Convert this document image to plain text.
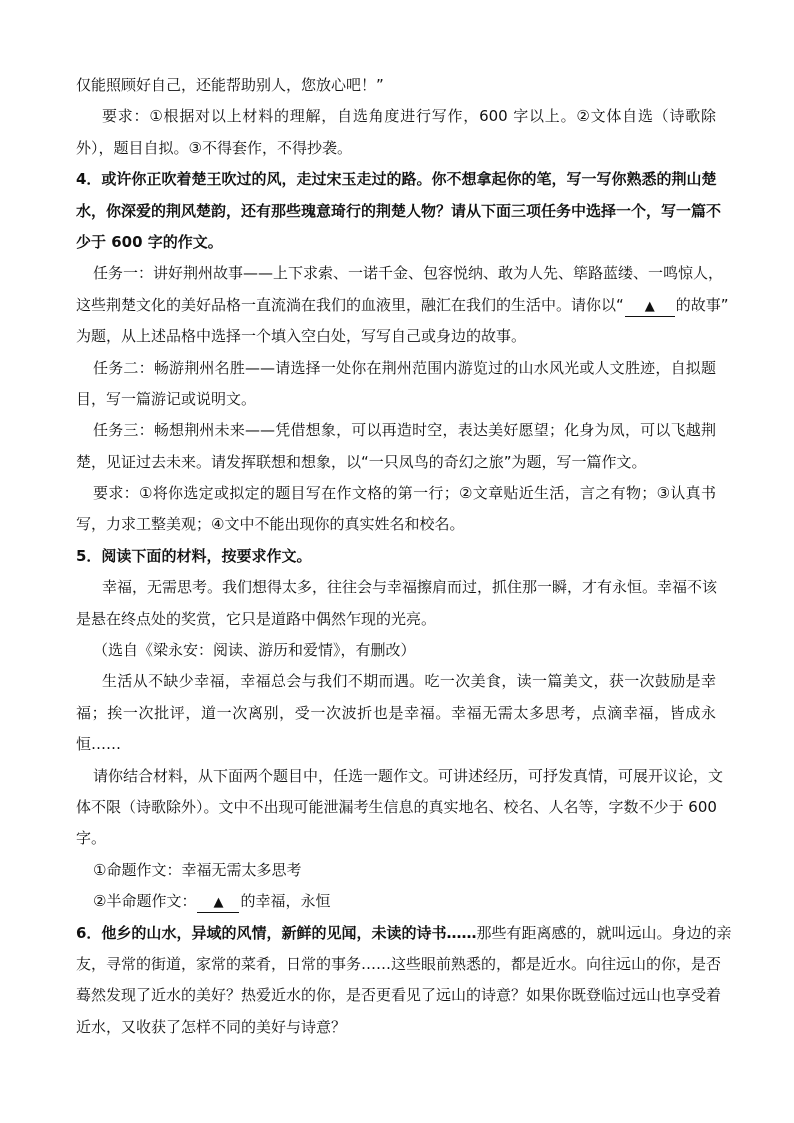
仅能照顾好自己，还能帮助别人，您放心吧！”
要求：①根据对以上材料的理解，自选角度进行写作，600 字以上。②文体自选（诗歌除
外），题目自拟。③不得套作，不得抄袭。
4．或许你正吹着楚王吹过的风，走过宋玉走过的路。你不想拿起你的笔，写一写你熟悉的荆山楚
水，你深爱的荆风楚韵，还有那些瑰意琦行的荆楚人物？请从下面三项任务中选择一个，写一篇不
少于 600 字的作文。
任务一：讲好荆州故事——上下求索、一诺千金、包容悦纳、敢为人先、筚路蓝缕、一鸣惊人，
这些荆楚文化的美好品格一直流淌在我们的血液里，融汇在我们的生活中。请你以“ ▲ 的故事”
为题，从上述品格中选择一个填入空白处，写写自己或身边的故事。
任务二：畅游荆州名胜——请选择一处你在荆州范围内游览过的山水风光或人文胜迹，自拟题
目，写一篇游记或说明文。
任务三：畅想荆州未来——凭借想象，可以再造时空，表达美好愿望；化身为凤，可以飞越荆
楚，见证过去未来。请发挥联想和想象，以“一只凤鸟的奇幻之旅”为题，写一篇作文。
要求：①将你选定或拟定的题目写在作文格的第一行；②文章贴近生活，言之有物；③认真书
写，力求工整美观；④文中不能出现你的真实姓名和校名。
5．阅读下面的材料，按要求作文。
幸福，无需思考。我们想得太多，往往会与幸福擦肩而过，抓住那一瞬，才有永恒。幸福不该
是悬在终点处的奖赏，它只是道路中偶然乍现的光亮。
（选自《梁永安：阅读、游历和爱情》，有删改）
生活从不缺少幸福，幸福总会与我们不期而遇。吃一次美食，读一篇美文，获一次鼓励是幸
福；挨一次批评，道一次离别，受一次波折也是幸福。幸福无需太多思考，点滴幸福，皆成永
恒……
请你结合材料，从下面两个题目中，任选一题作文。可讲述经历，可抒发真情，可展开议论，文
体不限（诗歌除外）。文中不出现可能泄漏考生信息的真实地名、校名、人名等，字数不少于 600
字。
①命题作文：幸福无需太多思考
②半命题作文： ▲ 的幸福，永恒
6．他乡的山水，异域的风情，新鲜的见闻，未读的诗书……那些有距离感的，就叫远山。身边的亲
友，寻常的街道，家常的菜肴，日常的事务……这些眼前熟悉的，都是近水。向往远山的你，是否
蓦然发现了近水的美好？热爱近水的你，是否更看见了远山的诗意？如果你既登临过远山也享受着
近水，又收获了怎样不同的美好与诗意？
